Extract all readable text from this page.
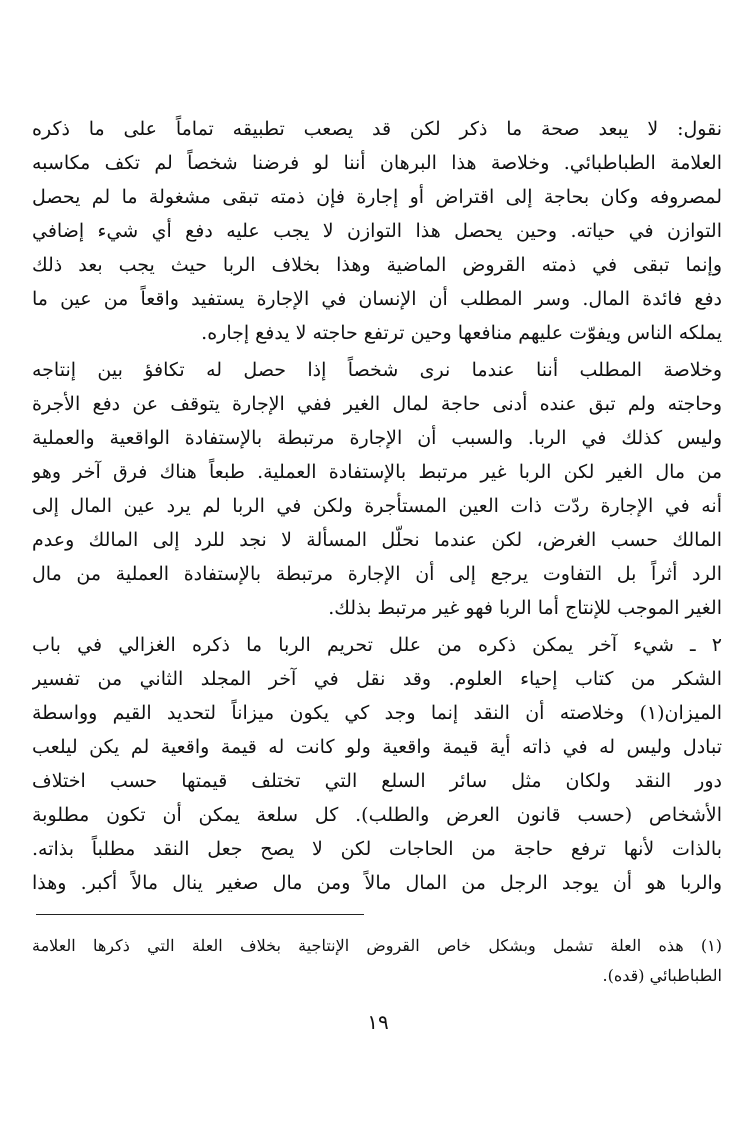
نقول: لا يبعد صحة ما ذكر لكن قد يصعب تطبيقه تماماً على ما ذكره
العلامة الطباطبائي. وخلاصة هذا البرهان أننا لو فرضنا شخصاً لم تكف مكاسبه
لمصروفه وكان بحاجة إلى اقتراض أو إجارة فإن ذمته تبقى مشغولة ما لم يحصل
التوازن في حياته. وحين يحصل هذا التوازن لا يجب عليه دفع أي شيء إضافي
وإنما تبقى في ذمته القروض الماضية وهذا بخلاف الربا حيث يجب بعد ذلك
دفع فائدة المال. وسر المطلب أن الإنسان في الإجارة يستفيد واقعاً من عين ما
يملكه الناس ويفوّت عليهم منافعها وحين ترتفع حاجته لا يدفع إجاره.
وخلاصة المطلب أننا عندما نرى شخصاً إذا حصل له تكافؤ بين إنتاجه
وحاجته ولم تبق عنده أدنى حاجة لمال الغير ففي الإجارة يتوقف عن دفع الأجرة
وليس كذلك في الربا. والسبب أن الإجارة مرتبطة بالإستفادة الواقعية والعملية
من مال الغير لكن الربا غير مرتبط بالإستفادة العملية. طبعاً هناك فرق آخر وهو
أنه في الإجارة ردّت ذات العين المستأجرة ولكن في الربا لم يرد عين المال إلى
المالك حسب الغرض، لكن عندما نحلّل المسألة لا نجد للرد إلى المالك وعدم
الرد أثراً بل التفاوت يرجع إلى أن الإجارة مرتبطة بالإستفادة العملية من مال
الغير الموجب للإنتاج أما الربا فهو غير مرتبط بذلك.
٢ ـ شيء آخر يمكن ذكره من علل تحريم الربا ما ذكره الغزالي في باب
الشكر من كتاب إحياء العلوم. وقد نقل في آخر المجلد الثاني من تفسير
الميزان(١) وخلاصته أن النقد إنما وجد كي يكون ميزاناً لتحديد القيم وواسطة
تبادل وليس له في ذاته أية قيمة واقعية ولو كانت له قيمة واقعية لم يكن ليلعب
دور النقد ولكان مثل سائر السلع التي تختلف قيمتها حسب اختلاف
الأشخاص (حسب قانون العرض والطلب). كل سلعة يمكن أن تكون مطلوبة
بالذات لأنها ترفع حاجة من الحاجات لكن لا يصح جعل النقد مطلباً بذاته.
والربا هو أن يوجد الرجل من المال مالاً ومن مال صغير ينال مالاً أكبر. وهذا
(١) هذه العلة تشمل وبشكل خاص القروض الإنتاجية بخلاف العلة التي ذكرها العلامة
الطباطبائي (قده).
١٩
